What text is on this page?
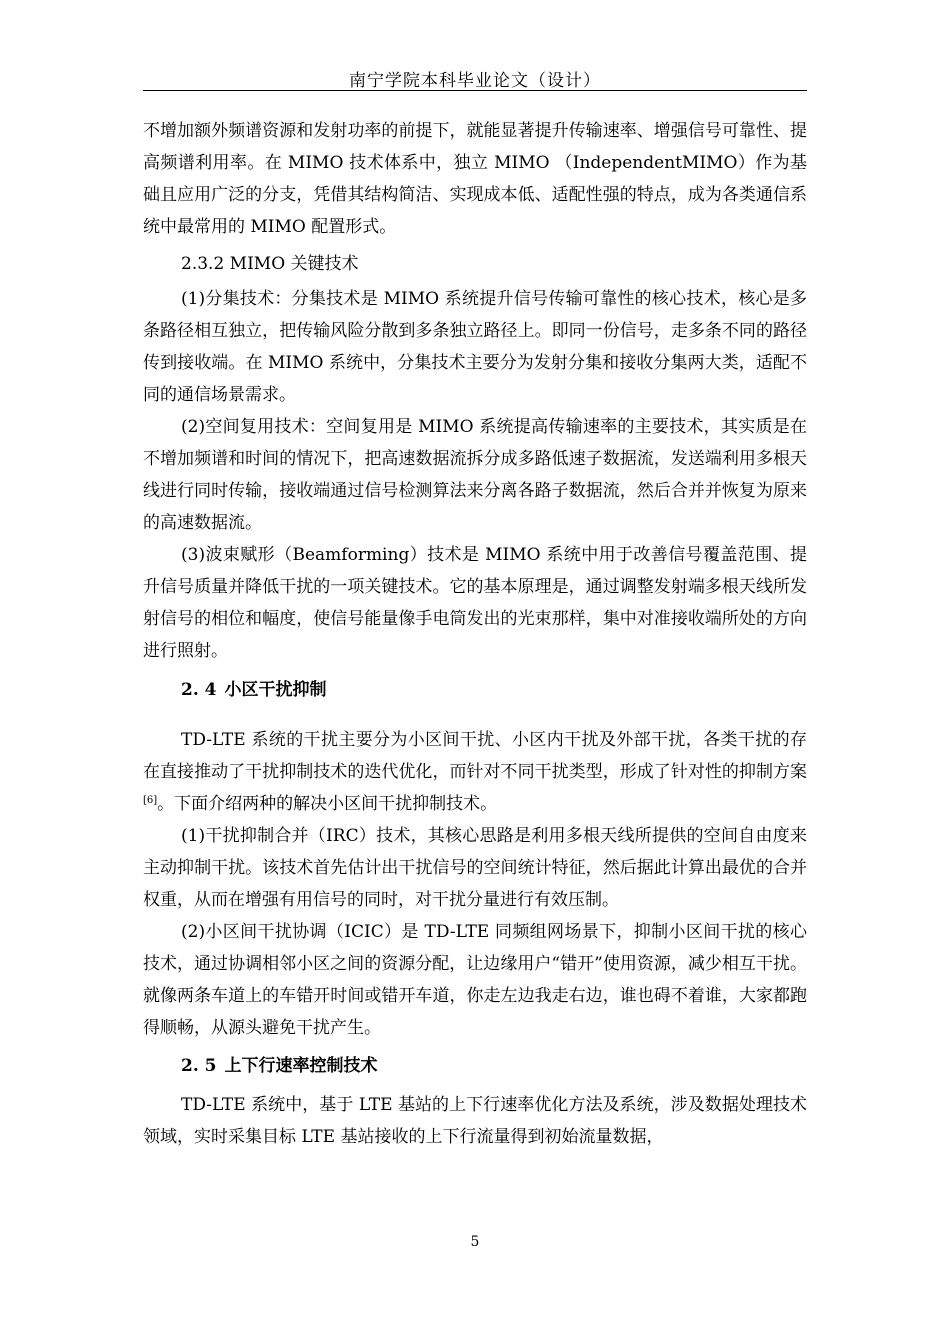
南宁学院本科毕业论文（设计）

不增加额外频谱资源和发射功率的前提下，就能显著提升传输速率、增强信号可靠性、提高频谱利用率。在 MIMO 技术体系中，独立 MIMO （IndependentMIMO）作为基础且应用广泛的分支，凭借其结构简洁、实现成本低、适配性强的特点，成为各类通信系统中最常用的 MIMO 配置形式。

2.3.2 MIMO 关键技术

(1)分集技术：分集技术是 MIMO 系统提升信号传输可靠性的核心技术，核心是多条路径相互独立，把传输风险分散到多条独立路径上。即同一份信号，走多条不同的路径传到接收端。在 MIMO 系统中，分集技术主要分为发射分集和接收分集两大类，适配不同的通信场景需求。

(2)空间复用技术：空间复用是 MIMO 系统提高传输速率的主要技术，其实质是在不增加频谱和时间的情况下，把高速数据流拆分成多路低速子数据流，发送端利用多根天线进行同时传输，接收端通过信号检测算法来分离各路子数据流，然后合并并恢复为原来的高速数据流。

(3)波束赋形（Beamforming）技术是 MIMO 系统中用于改善信号覆盖范围、提升信号质量并降低干扰的一项关键技术。它的基本原理是，通过调整发射端多根天线所发射信号的相位和幅度，使信号能量像手电筒发出的光束那样，集中对准接收端所处的方向进行照射。

2. 4 小区干扰抑制

TD-LTE 系统的干扰主要分为小区间干扰、小区内干扰及外部干扰，各类干扰的存在直接推动了干扰抑制技术的迭代优化，而针对不同干扰类型，形成了针对性的抑制方案[6]。下面介绍两种的解决小区间干扰抑制技术。

(1)干扰抑制合并（IRC）技术，其核心思路是利用多根天线所提供的空间自由度来主动抑制干扰。该技术首先估计出干扰信号的空间统计特征，然后据此计算出最优的合并权重，从而在增强有用信号的同时，对干扰分量进行有效压制。

(2)小区间干扰协调（ICIC）是 TD-LTE 同频组网场景下，抑制小区间干扰的核心技术，通过协调相邻小区之间的资源分配，让边缘用户“错开”使用资源，减少相互干扰。就像两条车道上的车错开时间或错开车道，你走左边我走右边，谁也碍不着谁，大家都跑得顺畅，从源头避免干扰产生。

2. 5 上下行速率控制技术

TD-LTE 系统中，基于 LTE 基站的上下行速率优化方法及系统，涉及数据处理技术领域，实时采集目标 LTE 基站接收的上下行流量得到初始流量数据，

5
